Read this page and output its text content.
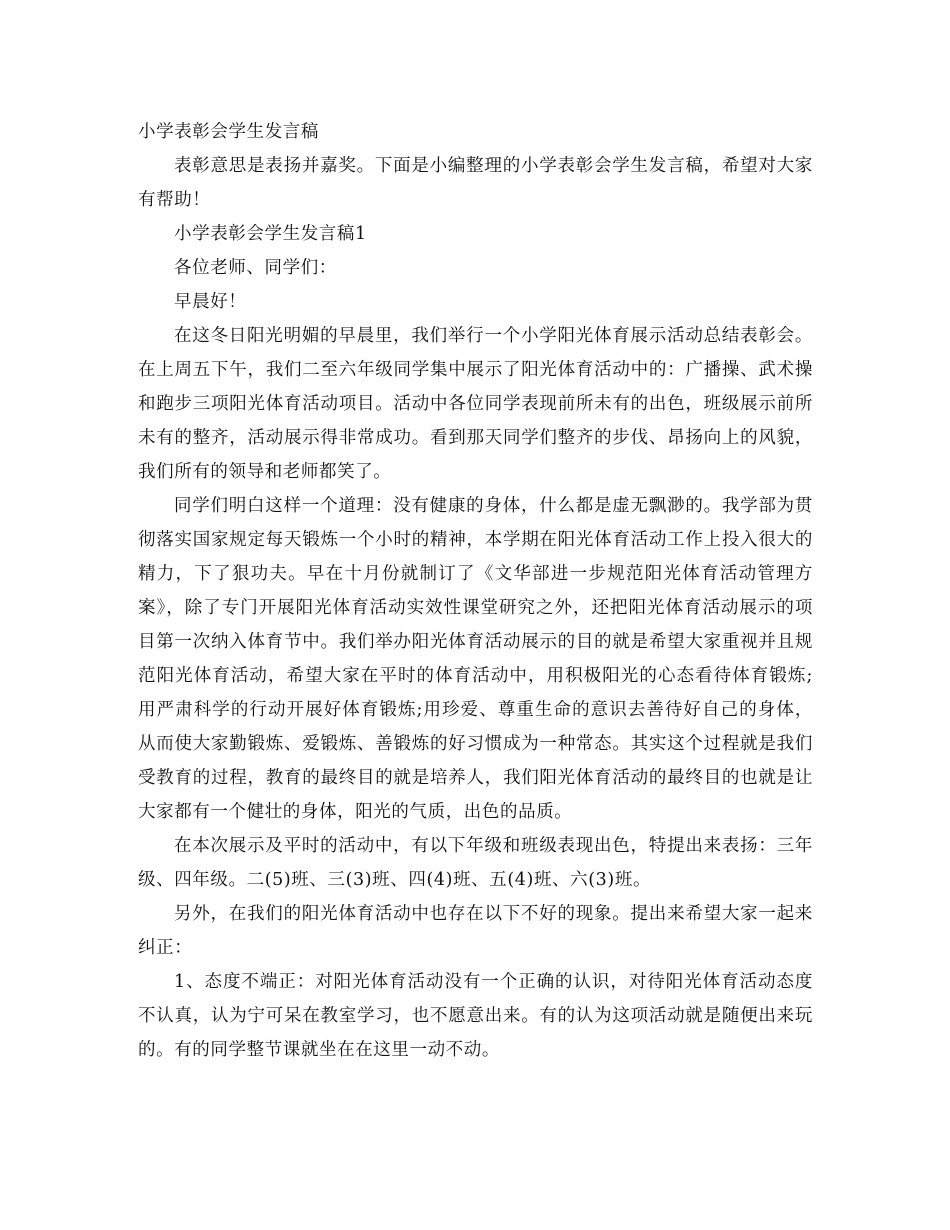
小学表彰会学生发言稿

表彰意思是表扬并嘉奖。下面是小编整理的小学表彰会学生发言稿，希望对大家有帮助！

小学表彰会学生发言稿1

各位老师、同学们：

早晨好！

在这冬日阳光明媚的早晨里，我们举行一个小学阳光体育展示活动总结表彰会。在上周五下午，我们二至六年级同学集中展示了阳光体育活动中的：广播操、武术操和跑步三项阳光体育活动项目。活动中各位同学表现前所未有的出色，班级展示前所未有的整齐，活动展示得非常成功。看到那天同学们整齐的步伐、昂扬向上的风貌，我们所有的领导和老师都笑了。

同学们明白这样一个道理：没有健康的身体，什么都是虚无飘渺的。我学部为贯彻落实国家规定每天锻炼一个小时的精神，本学期在阳光体育活动工作上投入很大的精力，下了狠功夫。早在十月份就制订了《文华部进一步规范阳光体育活动管理方案》，除了专门开展阳光体育活动实效性课堂研究之外，还把阳光体育活动展示的项目第一次纳入体育节中。我们举办阳光体育活动展示的目的就是希望大家重视并且规范阳光体育活动，希望大家在平时的体育活动中，用积极阳光的心态看待体育锻炼;用严肃科学的行动开展好体育锻炼;用珍爱、尊重生命的意识去善待好自己的身体，从而使大家勤锻炼、爱锻炼、善锻炼的好习惯成为一种常态。其实这个过程就是我们受教育的过程，教育的最终目的就是培养人，我们阳光体育活动的最终目的也就是让大家都有一个健壮的身体，阳光的气质，出色的品质。

在本次展示及平时的活动中，有以下年级和班级表现出色，特提出来表扬：三年级、四年级。二(5)班、三(3)班、四(4)班、五(4)班、六(3)班。

另外，在我们的阳光体育活动中也存在以下不好的现象。提出来希望大家一起来纠正：

1、态度不端正：对阳光体育活动没有一个正确的认识，对待阳光体育活动态度不认真，认为宁可呆在教室学习，也不愿意出来。有的认为这项活动就是随便出来玩的。有的同学整节课就坐在在这里一动不动。
